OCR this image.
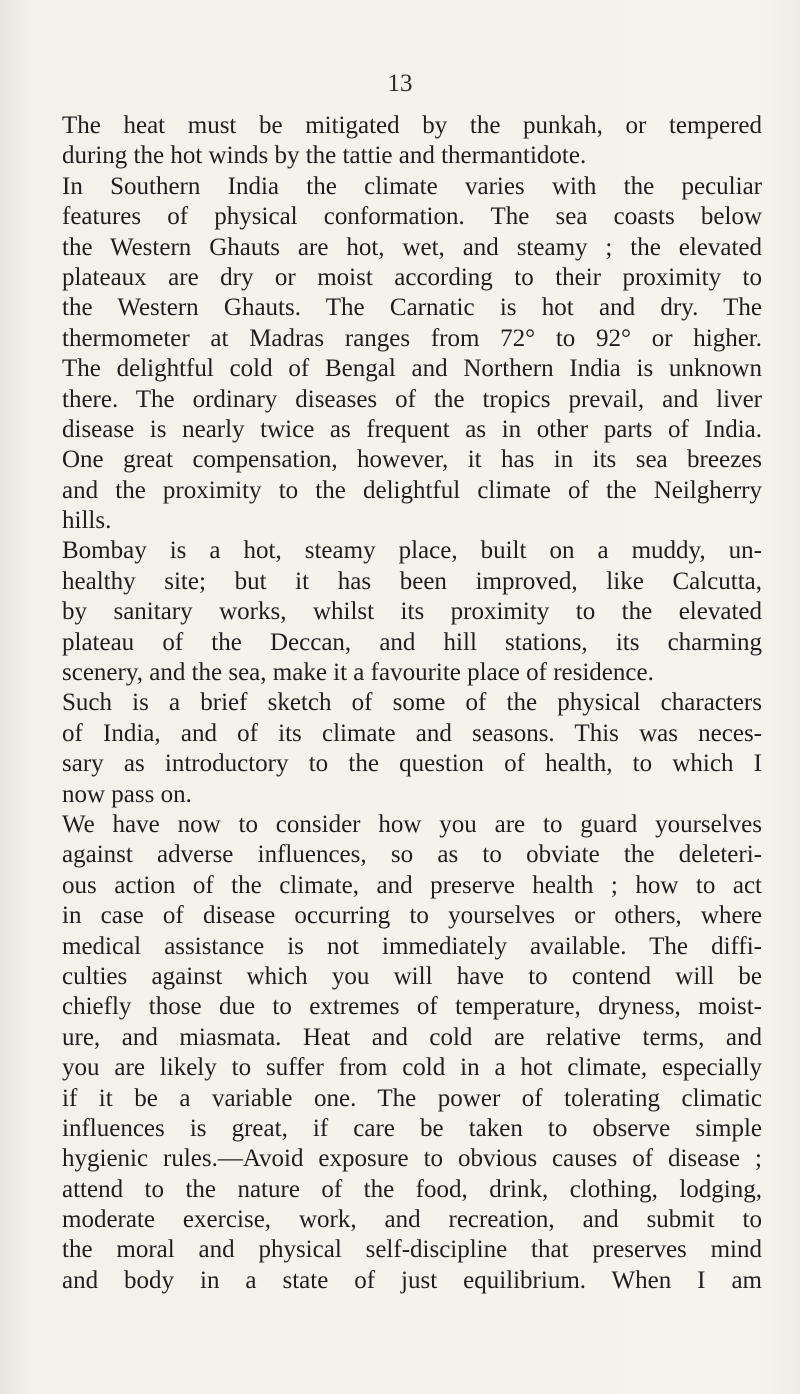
13
The heat must be mitigated by the punkah, or tempered
during the hot winds by the tattie and thermantidote.
In Southern India the climate varies with the peculiar
features of physical conformation. The sea coasts below
the Western Ghauts are hot, wet, and steamy ; the elevated
plateaux are dry or moist according to their proximity to
the Western Ghauts. The Carnatic is hot and dry. The
thermometer at Madras ranges from 72° to 92° or higher.
The delightful cold of Bengal and Northern India is unknown
there. The ordinary diseases of the tropics prevail, and liver
disease is nearly twice as frequent as in other parts of India.
One great compensation, however, it has in its sea breezes
and the proximity to the delightful climate of the Neilgherry
hills.
Bombay is a hot, steamy place, built on a muddy, un-
healthy site; but it has been improved, like Calcutta,
by sanitary works, whilst its proximity to the elevated
plateau of the Deccan, and hill stations, its charming
scenery, and the sea, make it a favourite place of residence.
Such is a brief sketch of some of the physical characters
of India, and of its climate and seasons. This was neces-
sary as introductory to the question of health, to which I
now pass on.
We have now to consider how you are to guard yourselves
against adverse influences, so as to obviate the deleteri-
ous action of the climate, and preserve health ; how to act
in case of disease occurring to yourselves or others, where
medical assistance is not immediately available. The diffi-
culties against which you will have to contend will be
chiefly those due to extremes of temperature, dryness, moist-
ure, and miasmata. Heat and cold are relative terms, and
you are likely to suffer from cold in a hot climate, especially
if it be a variable one. The power of tolerating climatic
influences is great, if care be taken to observe simple
hygienic rules.—Avoid exposure to obvious causes of disease ;
attend to the nature of the food, drink, clothing, lodging,
moderate exercise, work, and recreation, and submit to
the moral and physical self-discipline that preserves mind
and body in a state of just equilibrium. When I am
